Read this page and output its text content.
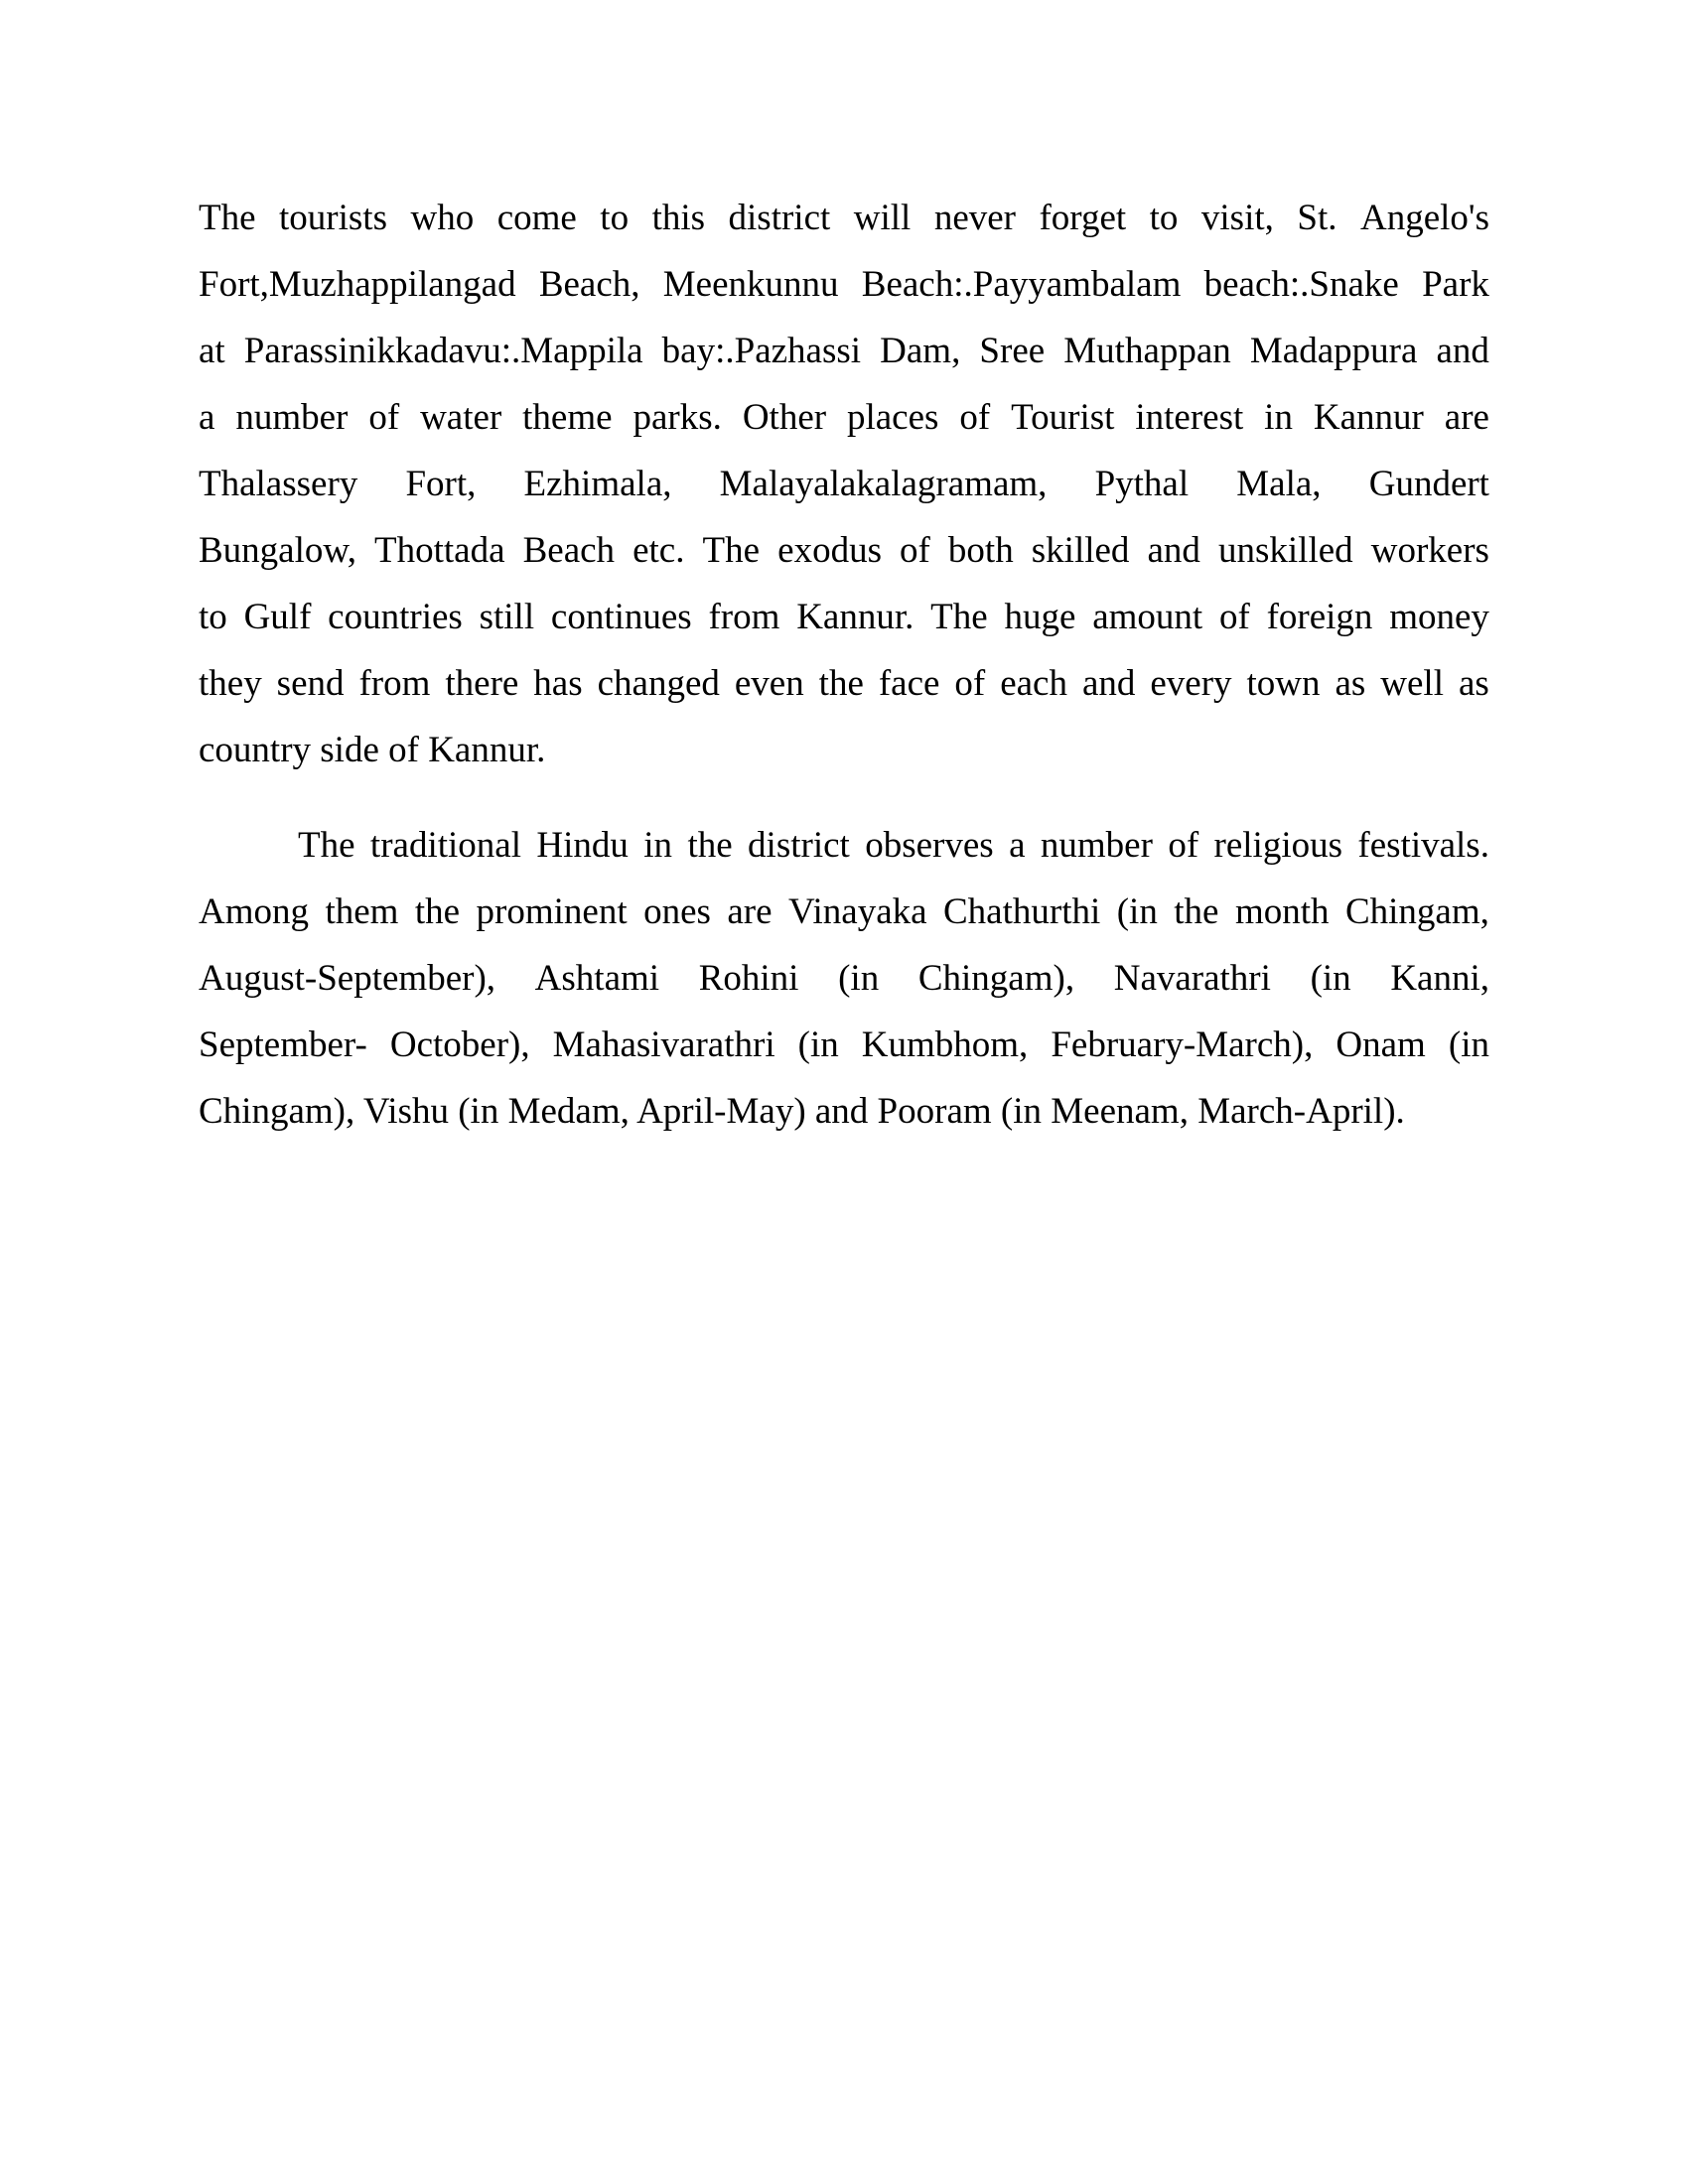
The tourists who come to this district will never forget to visit, St. Angelo's
Fort,Muzhappilangad Beach, Meenkunnu Beach:.Payyambalam beach:.Snake Park
at Parassinikkadavu:.Mappila bay:.Pazhassi Dam, Sree Muthappan Madappura and
a number of water theme parks. Other places of Tourist interest in Kannur are
Thalassery Fort, Ezhimala, Malayalakalagramam, Pythal Mala, Gundert
Bungalow, Thottada Beach etc. The exodus of both skilled and unskilled workers
to Gulf countries still continues from Kannur. The huge amount of foreign money
they send from there has changed even the face of each and every town as well as
country side of Kannur.
The traditional Hindu in the district observes a number of religious festivals.
Among them the prominent ones are Vinayaka Chathurthi (in the month Chingam,
August-September), Ashtami Rohini (in Chingam), Navarathri (in Kanni,
September- October), Mahasivarathri (in Kumbhom, February-March), Onam (in
Chingam), Vishu (in Medam, April-May) and Pooram (in Meenam, March-April).
